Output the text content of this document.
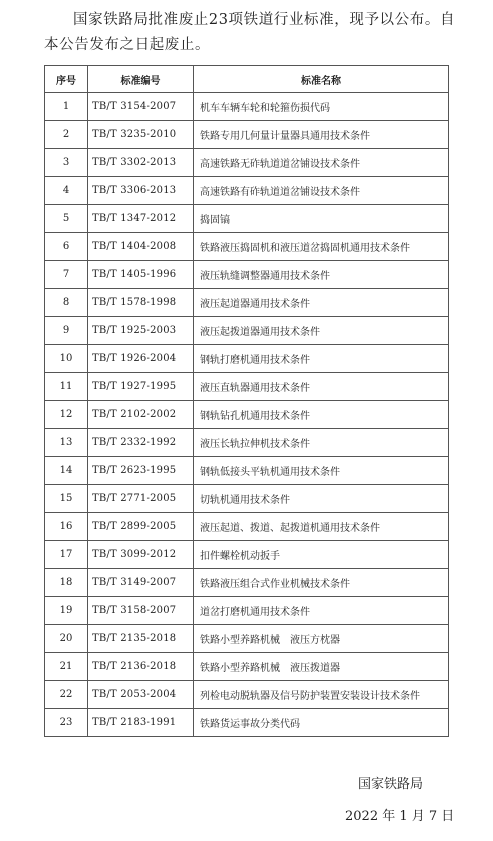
国家铁路局批准废止23项铁道行业标准，现予以公布。自本公告发布之日起废止。

序号	标准编号	标准名称
1	TB/T 3154-2007	机车车辆车轮和轮箍伤损代码
2	TB/T 3235-2010	铁路专用几何量计量器具通用技术条件
3	TB/T 3302-2013	高速铁路无砟轨道道岔铺设技术条件
4	TB/T 3306-2013	高速铁路有砟轨道道岔铺设技术条件
5	TB/T 1347-2012	捣固镐
6	TB/T 1404-2008	铁路液压捣固机和液压道岔捣固机通用技术条件
7	TB/T 1405-1996	液压轨缝调整器通用技术条件
8	TB/T 1578-1998	液压起道器通用技术条件
9	TB/T 1925-2003	液压起拨道器通用技术条件
10	TB/T 1926-2004	钢轨打磨机通用技术条件
11	TB/T 1927-1995	液压直轨器通用技术条件
12	TB/T 2102-2002	钢轨钻孔机通用技术条件
13	TB/T 2332-1992	液压长轨拉伸机技术条件
14	TB/T 2623-1995	钢轨低接头平轨机通用技术条件
15	TB/T 2771-2005	切轨机通用技术条件
16	TB/T 2899-2005	液压起道、拨道、起拨道机通用技术条件
17	TB/T 3099-2012	扣件螺栓机动扳手
18	TB/T 3149-2007	铁路液压组合式作业机械技术条件
19	TB/T 3158-2007	道岔打磨机通用技术条件
20	TB/T 2135-2018	铁路小型养路机械　液压方枕器
21	TB/T 2136-2018	铁路小型养路机械　液压拨道器
22	TB/T 2053-2004	列检电动脱轨器及信号防护装置安装设计技术条件
23	TB/T 2183-1991	铁路货运事故分类代码

国家铁路局

2022 年 1 月 7 日
